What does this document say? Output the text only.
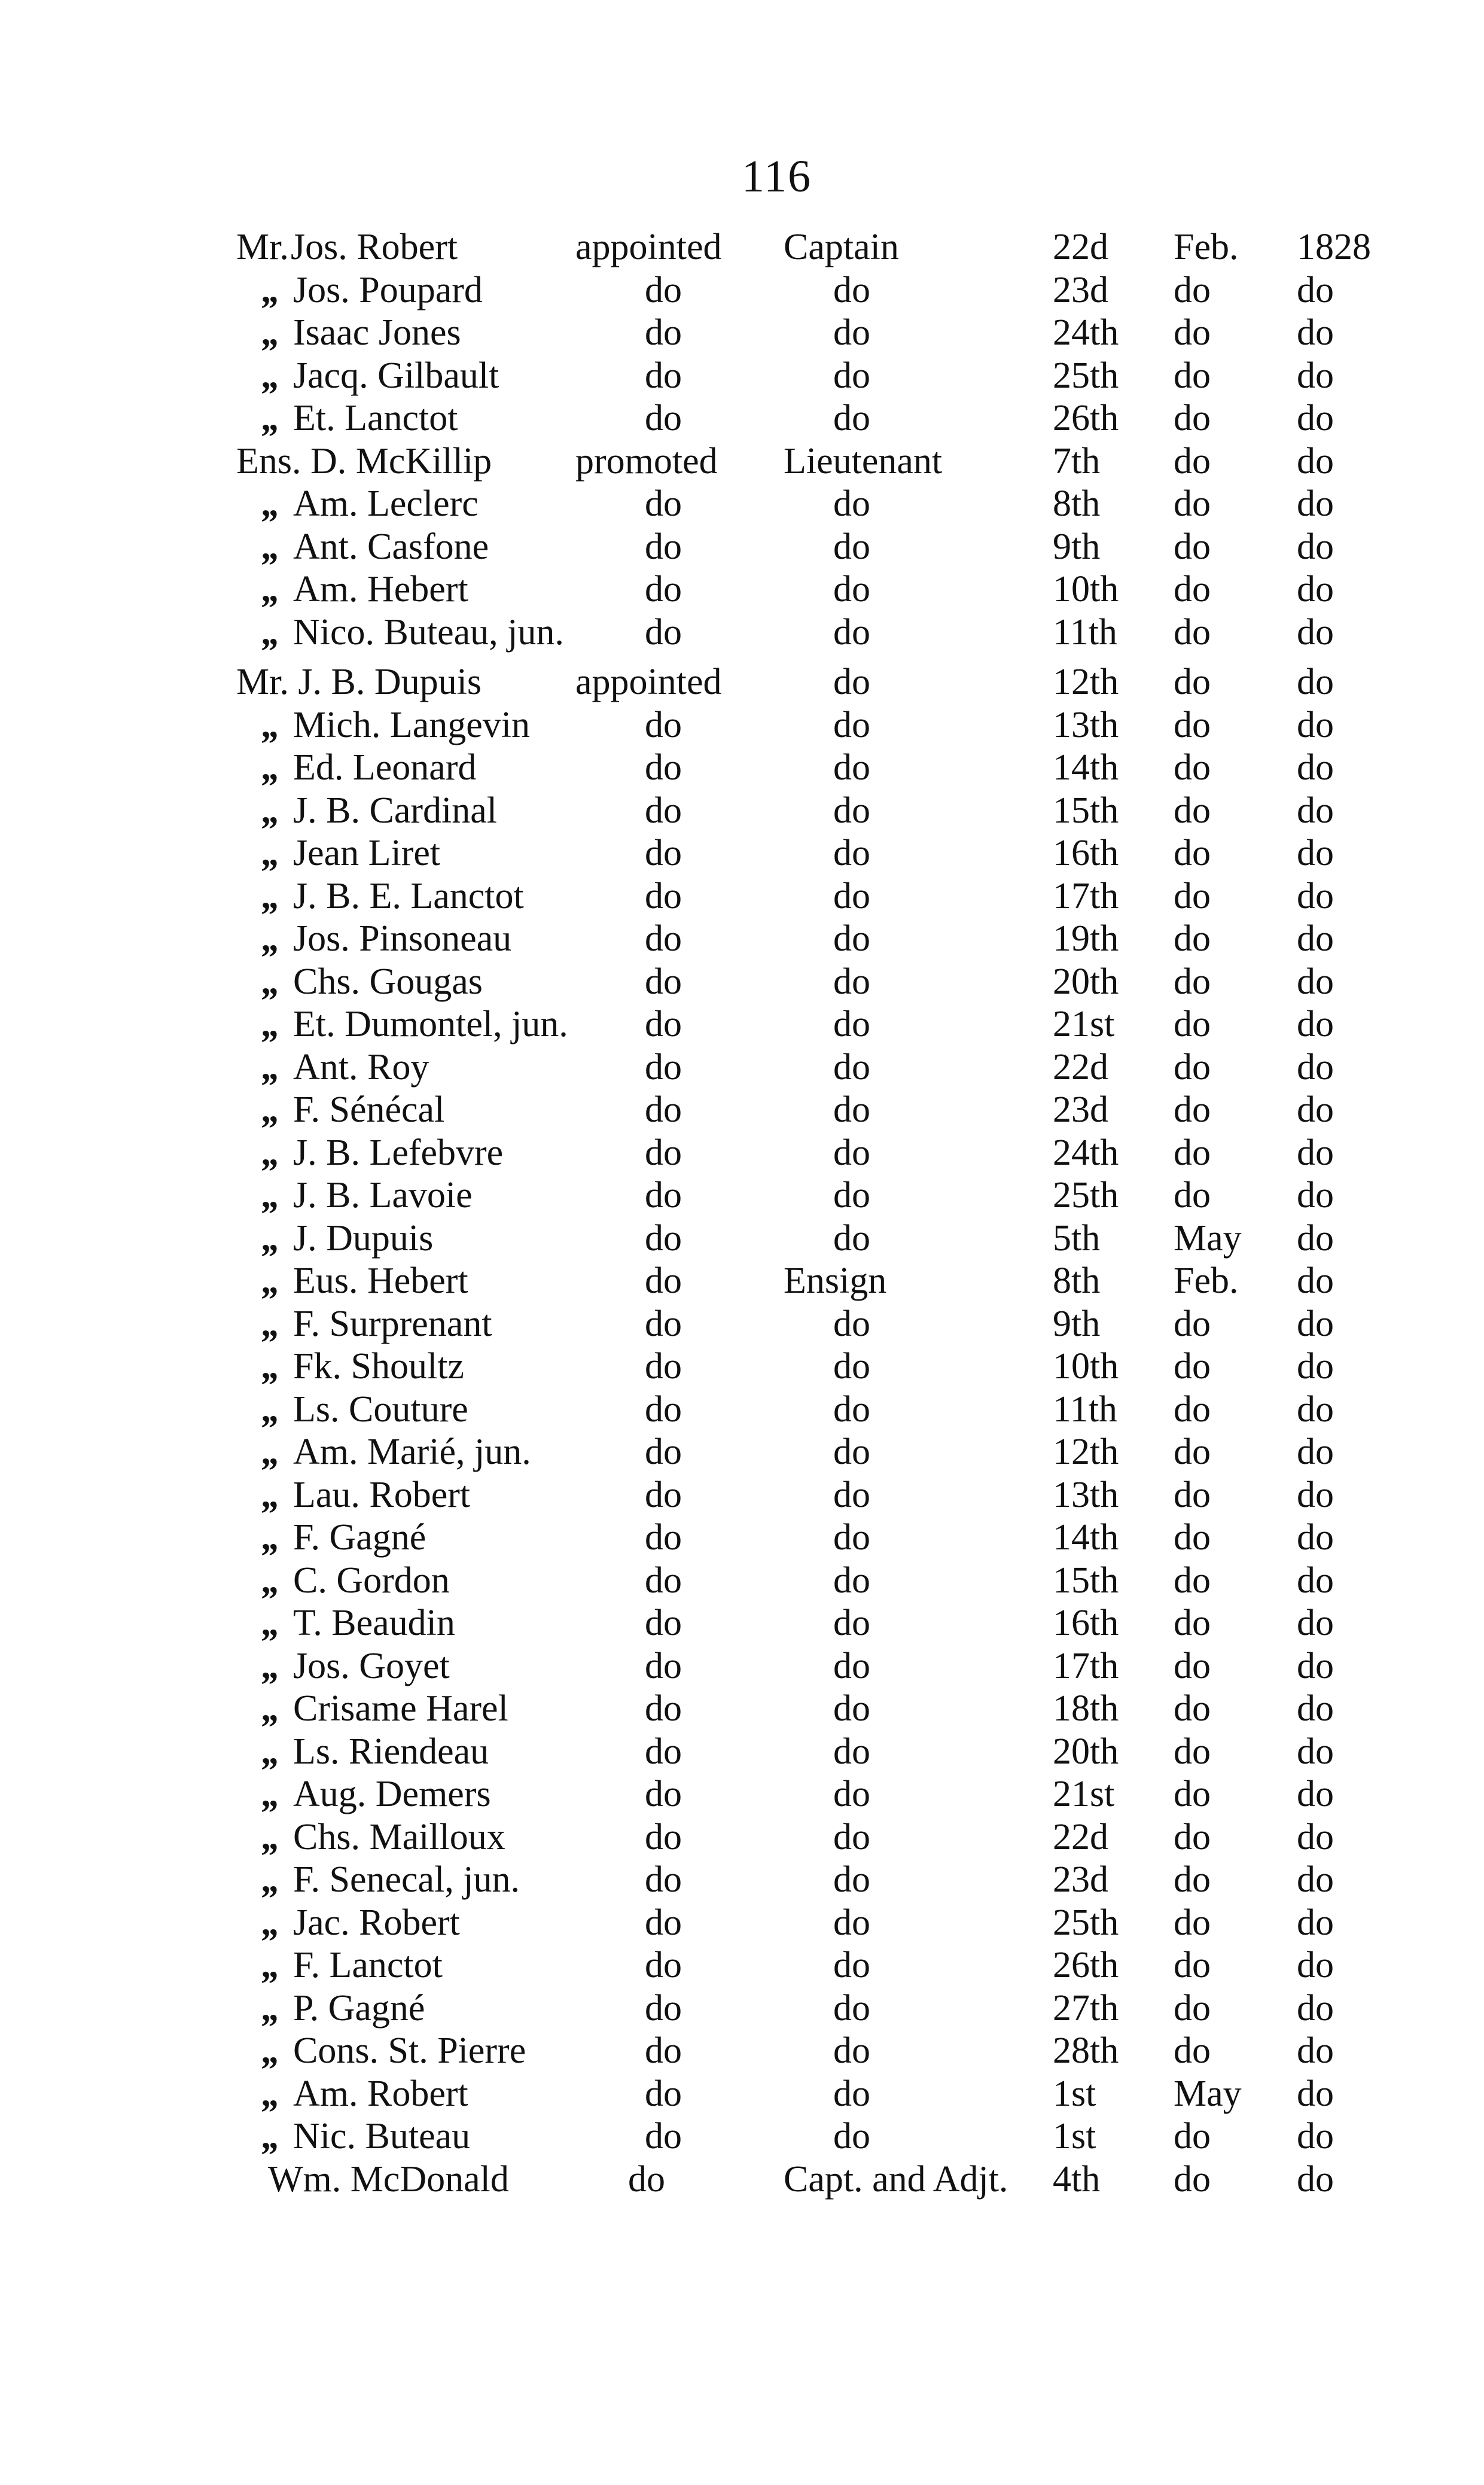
116
Mr. Jos. Robert	appointed Captain	22d Feb. 1828
„ Jos. Poupard	do	do	23d do do
„ Isaac Jones	do	do	24th do do
„ Jacq. Gilbault	do	do	25th do do
„ Et. Lanctot	do	do	26th do do
Ens. D. McKillip promoted Lieutenant	7th do do
„ Am. Leclerc	do	do	8th do do
„ Ant. Casfone	do	do	9th do do
„ Am. Hebert	do	do	10th do do
„ Nico. Buteau, jun. do	do	11th do do
Mr. J. B. Dupuis	appointed	do	12th do do
„ Mich. Langevin	do	do	13th do do
„ Ed. Leonard	do	do	14th do do
„ J. B. Cardinal	do	do	15th do do
„ Jean Liret	do	do	16th do do
„ J. B. E. Lanctot	do	do	17th do do
„ Jos. Pinsoneau	do	do	19th do do
„ Chs. Gougas	do	do	20th do do
„ Et. Dumontel, jun. do	do	21st do do
„ Ant. Roy	do	do	22d do do
„ F. Sénécal	do	do	23d do do
„ J. B. Lefebvre	do	do	24th do do
„ J. B. Lavoie	do	do	25th do do
„ J. Dupuis	do	do	5th May do
„ Eus. Hebert	do	Ensign	8th Feb. do
„ F. Surprenant	do	do	9th do do
„ Fk. Shoultz	do	do	10th do do
„ Ls. Couture	do	do	11th do do
„ Am. Marié, jun.	do	do	12th do do
„ Lau. Robert	do	do	13th do do
„ F. Gagné	do	do	14th do do
„ C. Gordon	do	do	15th do do
„ T. Beaudin	do	do	16th do do
„ Jos. Goyet	do	do	17th do do
„ Crisame Harel	do	do	18th do do
„ Ls. Riendeau	do	do	20th do do
„ Aug. Demers	do	do	21st do do
„ Chs. Mailloux	do	do	22d do do
„ F. Senecal, jun.	do	do	23d do do
„ Jac. Robert	do	do	25th do do
„ F. Lanctot	do	do	26th do do
„ P. Gagné	do	do	27th do do
„ Cons. St. Pierre	do	do	28th do do
„ Am. Robert	do	do	1st May do
„ Nic. Buteau	do	do	1st do do
Wm. McDonald	do	Capt. and Adjt. 4th do do
